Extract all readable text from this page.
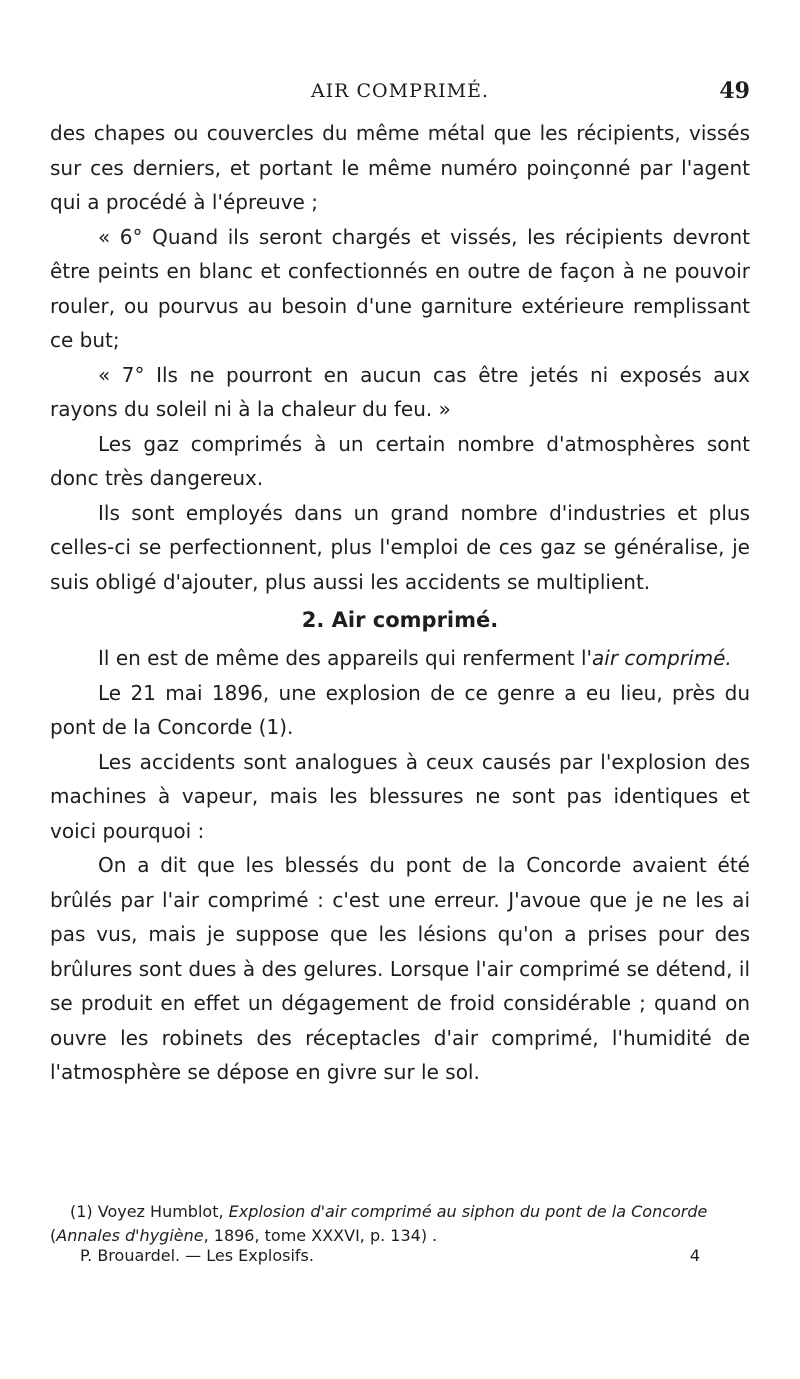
AIR COMPRIMÉ.	49

des chapes ou couvercles du même métal que les récipients, vissés sur ces derniers, et portant le même numéro poinçonné par l'agent qui a procédé à l'épreuve ;

« 6° Quand ils seront chargés et vissés, les récipients devront être peints en blanc et confectionnés en outre de façon à ne pouvoir rouler, ou pourvus au besoin d'une garniture extérieure remplissant ce but;

« 7° Ils ne pourront en aucun cas être jetés ni exposés aux rayons du soleil ni à la chaleur du feu. »

Les gaz comprimés à un certain nombre d'atmosphères sont donc très dangereux.

Ils sont employés dans un grand nombre d'industries et plus celles-ci se perfectionnent, plus l'emploi de ces gaz se généralise, je suis obligé d'ajouter, plus aussi les accidents se multiplient.

2. Air comprimé.

Il en est de même des appareils qui renferment l'air comprimé.

Le 21 mai 1896, une explosion de ce genre a eu lieu, près du pont de la Concorde (1).

Les accidents sont analogues à ceux causés par l'explosion des machines à vapeur, mais les blessures ne sont pas identiques et voici pourquoi :

On a dit que les blessés du pont de la Concorde avaient été brûlés par l'air comprimé : c'est une erreur. J'avoue que je ne les ai pas vus, mais je suppose que les lésions qu'on a prises pour des brûlures sont dues à des gelures. Lorsque l'air comprimé se détend, il se produit en effet un dégagement de froid considérable ; quand on ouvre les robinets des réceptacles d'air comprimé, l'humidité de l'atmosphère se dépose en givre sur le sol.

(1) Voyez Humblot, Explosion d'air comprimé au siphon du pont de la Concorde (Annales d'hygiène, 1896, tome XXXVI, p. 134) .

P. Brouardel. — Les Explosifs.	4
